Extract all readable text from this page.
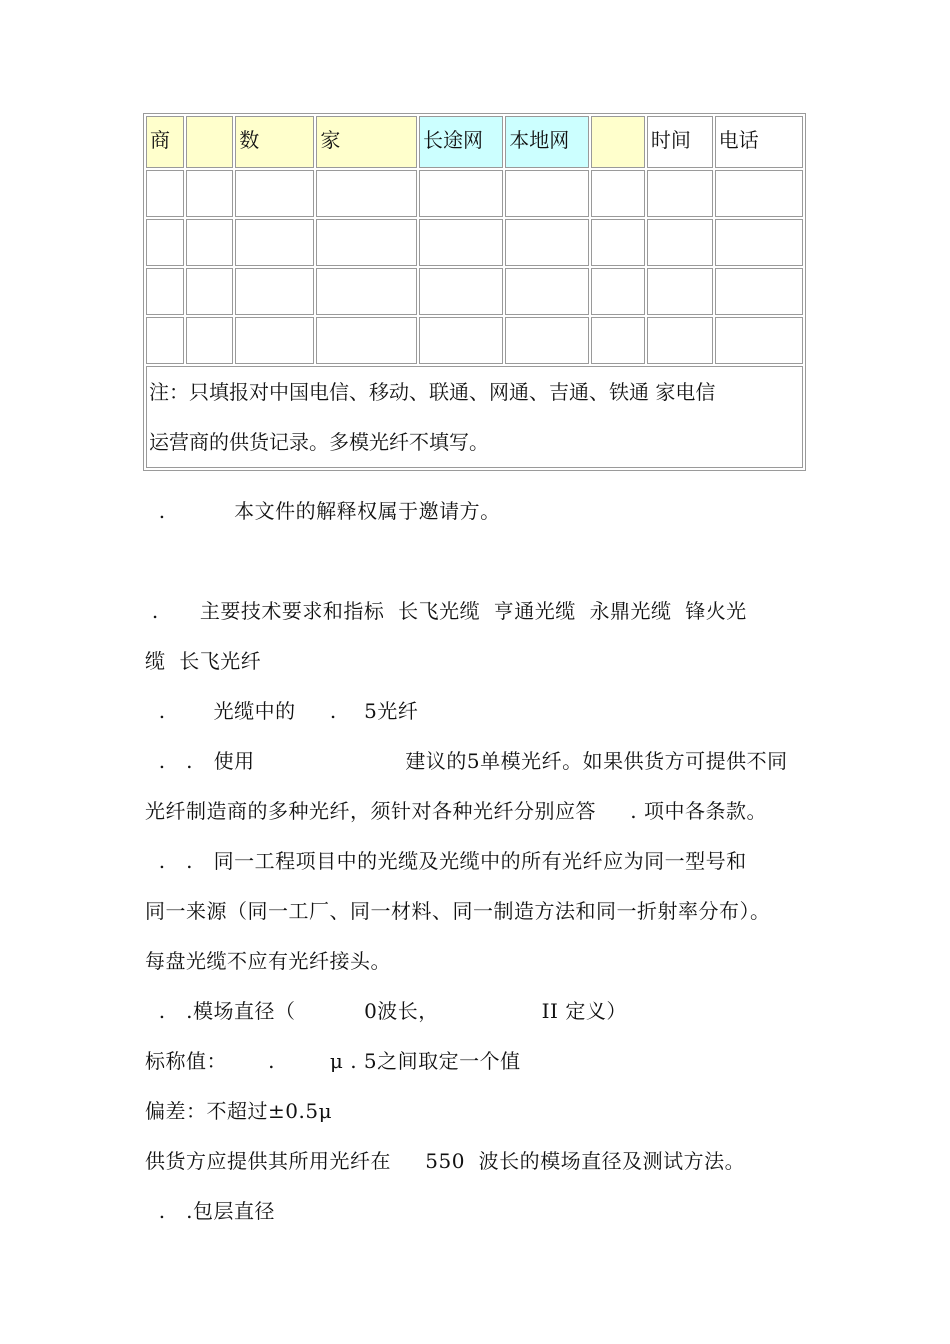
商		数	家	长途网	本地网		时间	电话

注：只填报对中国电信、移动、联通、网通、吉通、铁通 家电信
运营商的供货记录。多模光纤不填写。								
.          本文件的解释权属于邀请方。
.      主要技术要求和指标  长飞光缆  亨通光缆  永鼎光缆  锋火光
缆  长飞光纤
.       光缆中的     .    5光纤
.   .   使用                      建议的5单模光纤。如果供货方可提供不同
光纤制造商的多种光纤，须针对各种光纤分别应答     . 项中各条款。
.   .   同一工程项目中的光缆及光缆中的所有光纤应为同一型号和
同一来源（同一工厂、同一材料、同一制造方法和同一折射率分布）。
每盘光缆不应有光纤接头。
.   .模场直径（          0波长，               II 定义）
标称值：      .        μ . 5之间取定一个值
偏差：不超过±0.5μ
供货方应提供其所用光纤在     550  波长的模场直径及测试方法。
.   .包层直径
